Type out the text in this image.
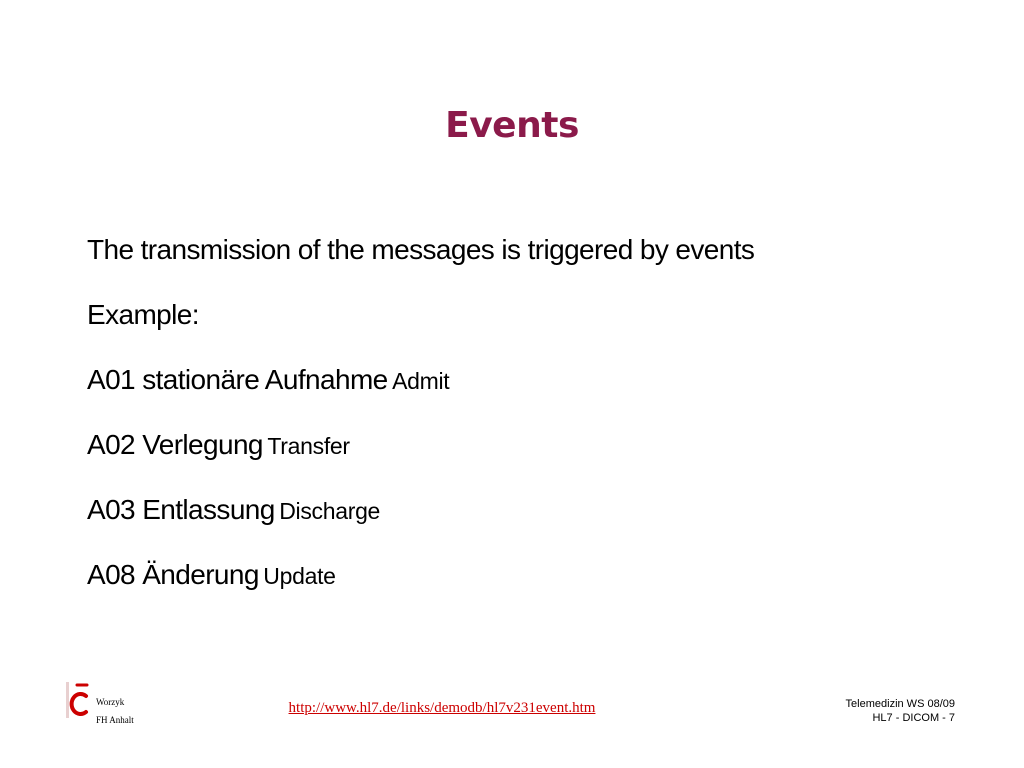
Events
The transmission of the messages is triggered by events
Example:
A01 stationäre Aufnahme Admit
A02 Verlegung Transfer
A03 Entlassung Discharge
A08 Änderung Update
Worzyk
FH Anhalt
http://www.hl7.de/links/demodb/hl7v231event.htm	Telemedizin WS 08/09
HL7 - DICOM - 7
